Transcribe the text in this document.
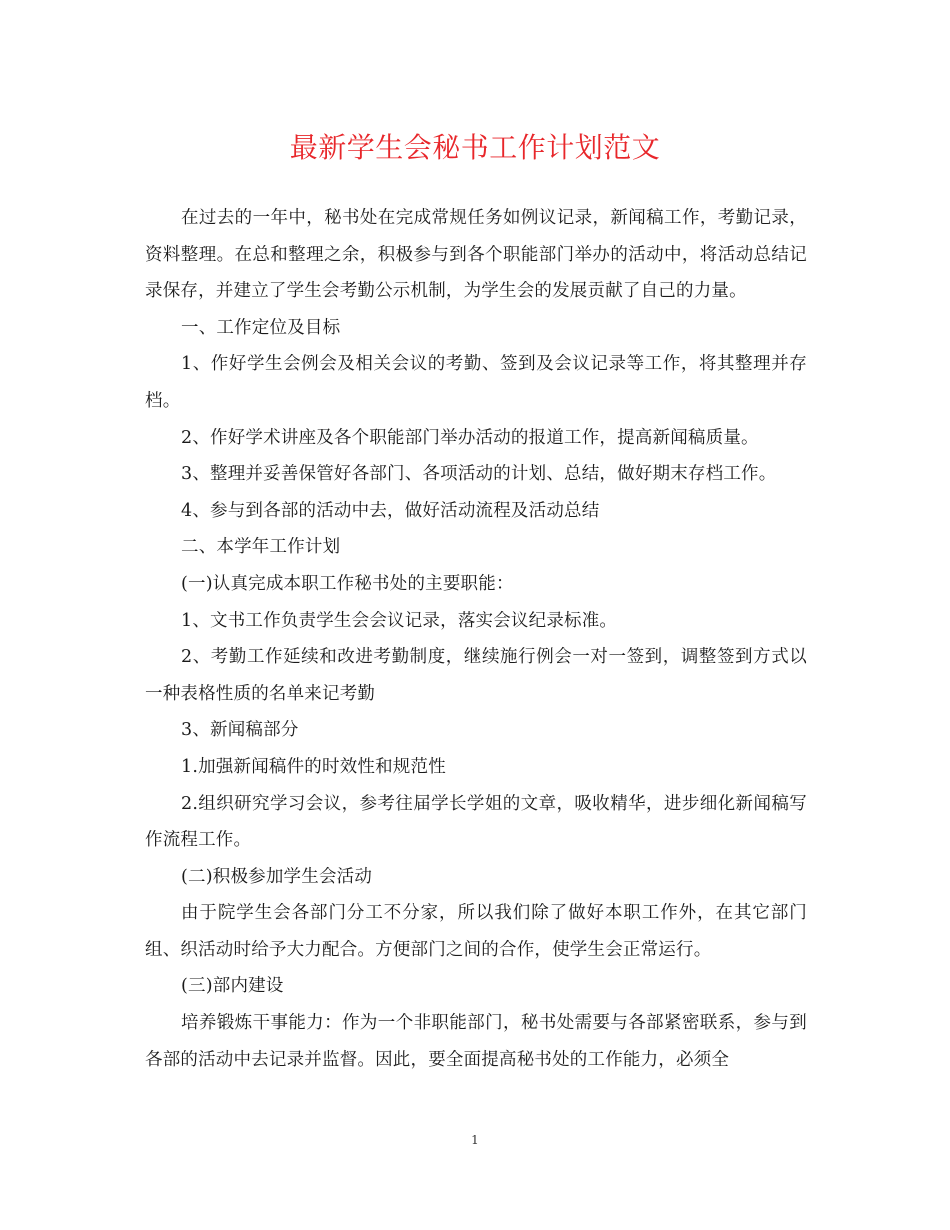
最新学生会秘书工作计划范文

在过去的一年中，秘书处在完成常规任务如例议记录，新闻稿工作，考勤记录，资料整理。在总和整理之余，积极参与到各个职能部门举办的活动中，将活动总结记录保存，并建立了学生会考勤公示机制，为学生会的发展贡献了自己的力量。

一、工作定位及目标

1、作好学生会例会及相关会议的考勤、签到及会议记录等工作，将其整理并存档。

2、作好学术讲座及各个职能部门举办活动的报道工作，提高新闻稿质量。

3、整理并妥善保管好各部门、各项活动的计划、总结，做好期末存档工作。

4、参与到各部的活动中去，做好活动流程及活动总结

二、本学年工作计划

(一)认真完成本职工作秘书处的主要职能：

1、文书工作负责学生会会议记录，落实会议纪录标准。

2、考勤工作延续和改进考勤制度，继续施行例会一对一签到，调整签到方式以一种表格性质的名单来记考勤

3、新闻稿部分

1.加强新闻稿件的时效性和规范性

2.组织研究学习会议，参考往届学长学姐的文章，吸收精华，进步细化新闻稿写作流程工作。

(二)积极参加学生会活动

由于院学生会各部门分工不分家，所以我们除了做好本职工作外，在其它部门组、织活动时给予大力配合。方便部门之间的合作，使学生会正常运行。

(三)部内建设

培养锻炼干事能力：作为一个非职能部门，秘书处需要与各部紧密联系，参与到各部的活动中去记录并监督。因此，要全面提高秘书处的工作能力，必须全

1
